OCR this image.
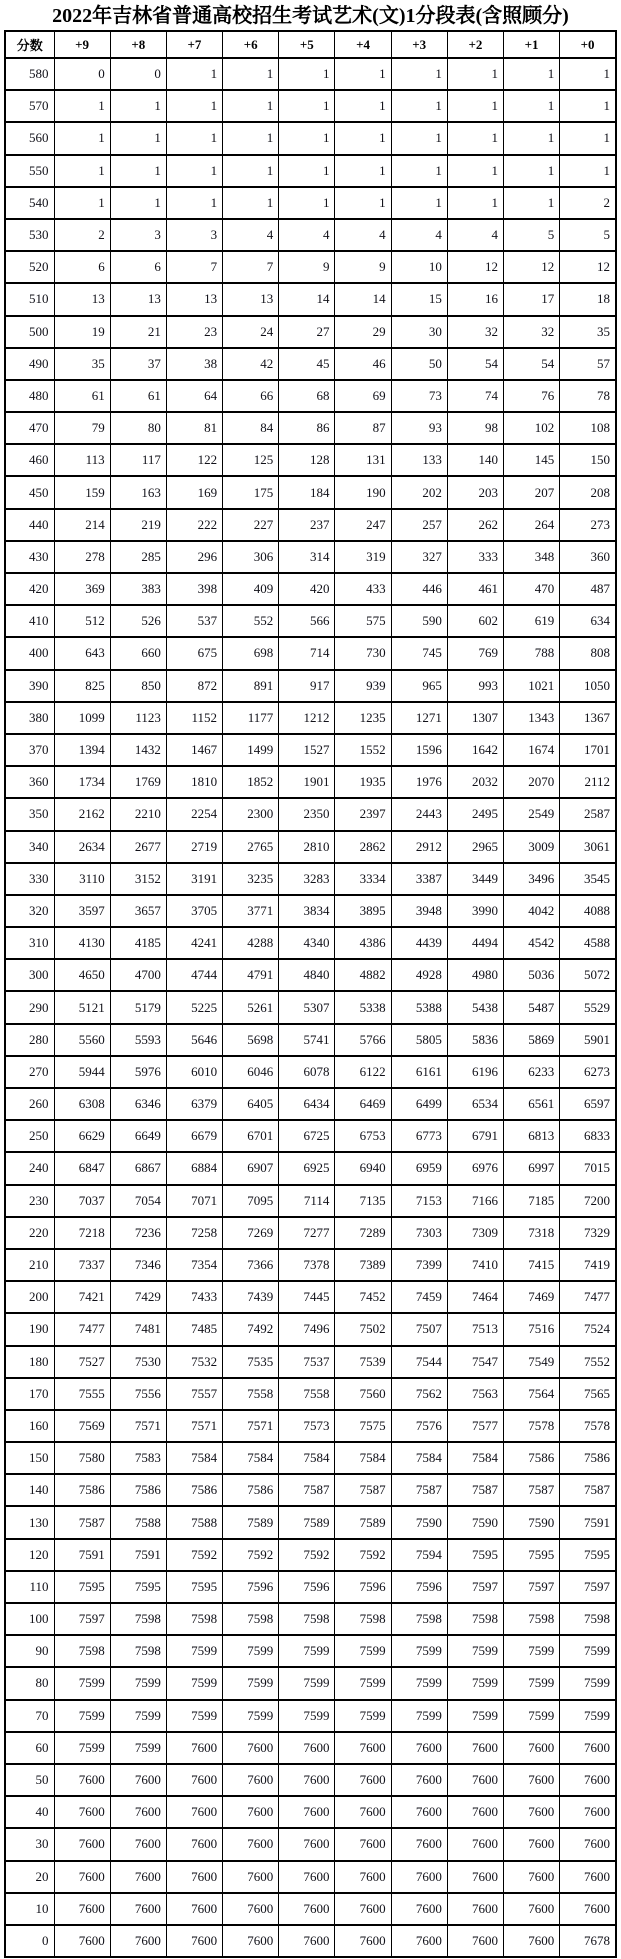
2022年吉林省普通高校招生考试艺术(文)1分段表(含照顾分)
分数	+9	+8	+7	+6	+5	+4	+3	+2	+1	+0
580	0	0	1	1	1	1	1	1	1	1
570	1	1	1	1	1	1	1	1	1	1
560	1	1	1	1	1	1	1	1	1	1
550	1	1	1	1	1	1	1	1	1	1
540	1	1	1	1	1	1	1	1	1	2
530	2	3	3	4	4	4	4	4	5	5
520	6	6	7	7	9	9	10	12	12	12
510	13	13	13	13	14	14	15	16	17	18
500	19	21	23	24	27	29	30	32	32	35
490	35	37	38	42	45	46	50	54	54	57
480	61	61	64	66	68	69	73	74	76	78
470	79	80	81	84	86	87	93	98	102	108
460	113	117	122	125	128	131	133	140	145	150
450	159	163	169	175	184	190	202	203	207	208
440	214	219	222	227	237	247	257	262	264	273
430	278	285	296	306	314	319	327	333	348	360
420	369	383	398	409	420	433	446	461	470	487
410	512	526	537	552	566	575	590	602	619	634
400	643	660	675	698	714	730	745	769	788	808
390	825	850	872	891	917	939	965	993	1021	1050
380	1099	1123	1152	1177	1212	1235	1271	1307	1343	1367
370	1394	1432	1467	1499	1527	1552	1596	1642	1674	1701
360	1734	1769	1810	1852	1901	1935	1976	2032	2070	2112
350	2162	2210	2254	2300	2350	2397	2443	2495	2549	2587
340	2634	2677	2719	2765	2810	2862	2912	2965	3009	3061
330	3110	3152	3191	3235	3283	3334	3387	3449	3496	3545
320	3597	3657	3705	3771	3834	3895	3948	3990	4042	4088
310	4130	4185	4241	4288	4340	4386	4439	4494	4542	4588
300	4650	4700	4744	4791	4840	4882	4928	4980	5036	5072
290	5121	5179	5225	5261	5307	5338	5388	5438	5487	5529
280	5560	5593	5646	5698	5741	5766	5805	5836	5869	5901
270	5944	5976	6010	6046	6078	6122	6161	6196	6233	6273
260	6308	6346	6379	6405	6434	6469	6499	6534	6561	6597
250	6629	6649	6679	6701	6725	6753	6773	6791	6813	6833
240	6847	6867	6884	6907	6925	6940	6959	6976	6997	7015
230	7037	7054	7071	7095	7114	7135	7153	7166	7185	7200
220	7218	7236	7258	7269	7277	7289	7303	7309	7318	7329
210	7337	7346	7354	7366	7378	7389	7399	7410	7415	7419
200	7421	7429	7433	7439	7445	7452	7459	7464	7469	7477
190	7477	7481	7485	7492	7496	7502	7507	7513	7516	7524
180	7527	7530	7532	7535	7537	7539	7544	7547	7549	7552
170	7555	7556	7557	7558	7558	7560	7562	7563	7564	7565
160	7569	7571	7571	7571	7573	7575	7576	7577	7578	7578
150	7580	7583	7584	7584	7584	7584	7584	7584	7586	7586
140	7586	7586	7586	7586	7587	7587	7587	7587	7587	7587
130	7587	7588	7588	7589	7589	7589	7590	7590	7590	7591
120	7591	7591	7592	7592	7592	7592	7594	7595	7595	7595
110	7595	7595	7595	7596	7596	7596	7596	7597	7597	7597
100	7597	7598	7598	7598	7598	7598	7598	7598	7598	7598
90	7598	7598	7599	7599	7599	7599	7599	7599	7599	7599
80	7599	7599	7599	7599	7599	7599	7599	7599	7599	7599
70	7599	7599	7599	7599	7599	7599	7599	7599	7599	7599
60	7599	7599	7600	7600	7600	7600	7600	7600	7600	7600
50	7600	7600	7600	7600	7600	7600	7600	7600	7600	7600
40	7600	7600	7600	7600	7600	7600	7600	7600	7600	7600
30	7600	7600	7600	7600	7600	7600	7600	7600	7600	7600
20	7600	7600	7600	7600	7600	7600	7600	7600	7600	7600
10	7600	7600	7600	7600	7600	7600	7600	7600	7600	7600
0	7600	7600	7600	7600	7600	7600	7600	7600	7600	7678
